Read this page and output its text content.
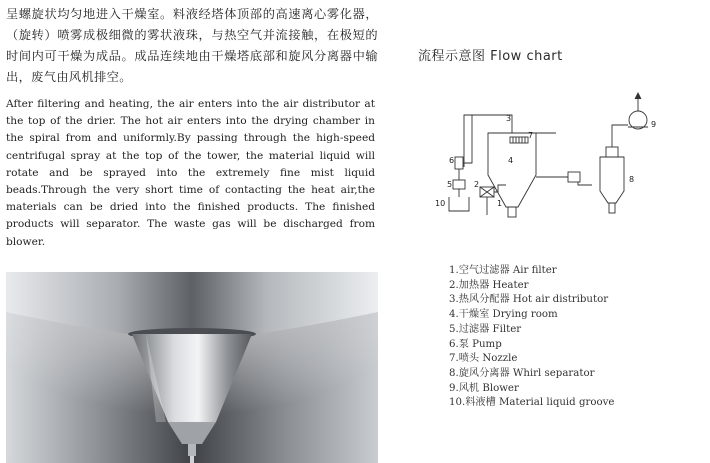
呈螺旋状均匀地进入干燥室。料液经塔体顶部的高速离心雾化器，（旋转）喷雾成极细微的雾状液珠，与热空气并流接触，在极短的时间内可干燥为成品。成品连续地由干燥塔底部和旋风分离器中输出，废气由风机排空。

After filtering and heating, the air enters into the air distributor at the top of the drier. The hot air enters into the drying chamber in the spiral from and uniformly.By passing through the high-speed centrifugal spray at the top of the tower, the material liquid will rotate and be sprayed into the extremely fine mist liquid beads.Through the very short time of contacting the heat air,the materials can be dried into the finished products. The finished products will separator. The waste gas will be discharged from blower.

流程示意图 Flow chart
3
7
4
2
1
6
5
10
8
9
1.空气过滤器 Air filter
2.加热器 Heater
3.热风分配器 Hot air distributor
4.干燥室 Drying room
5.过滤器 Filter
6.泵 Pump
7.喷头 Nozzle
8.旋风分离器 Whirl separator
9.风机 Blower
10.料液槽 Material liquid groove
